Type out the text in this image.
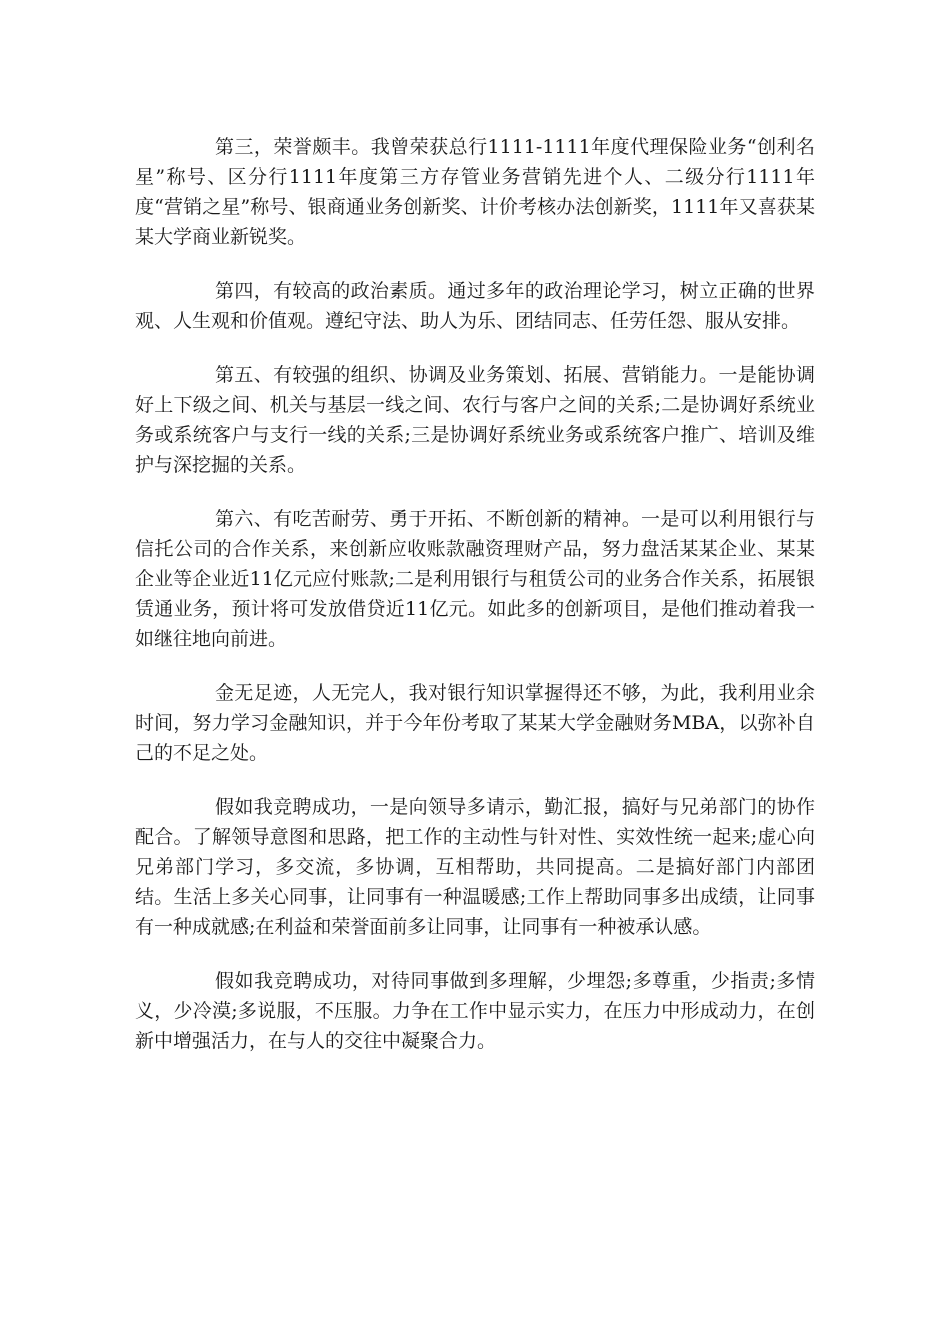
第三，荣誉颇丰。我曾荣获总行1111-1111年度代理保险业务“创利名星”称号、区分行1111年度第三方存管业务营销先进个人、二级分行1111年度“营销之星”称号、银商通业务创新奖、计价考核办法创新奖，1111年又喜获某某大学商业新锐奖。

第四，有较高的政治素质。通过多年的政治理论学习，树立正确的世界观、人生观和价值观。遵纪守法、助人为乐、团结同志、任劳任怨、服从安排。

第五、有较强的组织、协调及业务策划、拓展、营销能力。一是能协调好上下级之间、机关与基层一线之间、农行与客户之间的关系;二是协调好系统业务或系统客户与支行一线的关系;三是协调好系统业务或系统客户推广、培训及维护与深挖掘的关系。

第六、有吃苦耐劳、勇于开拓、不断创新的精神。一是可以利用银行与信托公司的合作关系，来创新应收账款融资理财产品，努力盘活某某企业、某某企业等企业近11亿元应付账款;二是利用银行与租赁公司的业务合作关系，拓展银赁通业务，预计将可发放借贷近11亿元。如此多的创新项目，是他们推动着我一如继往地向前进。

金无足迹，人无完人，我对银行知识掌握得还不够，为此，我利用业余时间，努力学习金融知识，并于今年份考取了某某大学金融财务MBA，以弥补自己的不足之处。

假如我竞聘成功，一是向领导多请示，勤汇报，搞好与兄弟部门的协作配合。了解领导意图和思路，把工作的主动性与针对性、实效性统一起来;虚心向兄弟部门学习，多交流，多协调，互相帮助，共同提高。二是搞好部门内部团结。生活上多关心同事，让同事有一种温暖感;工作上帮助同事多出成绩，让同事有一种成就感;在利益和荣誉面前多让同事，让同事有一种被承认感。

假如我竞聘成功，对待同事做到多理解，少埋怨;多尊重，少指责;多情义，少冷漠;多说服，不压服。力争在工作中显示实力，在压力中形成动力，在创新中增强活力，在与人的交往中凝聚合力。
